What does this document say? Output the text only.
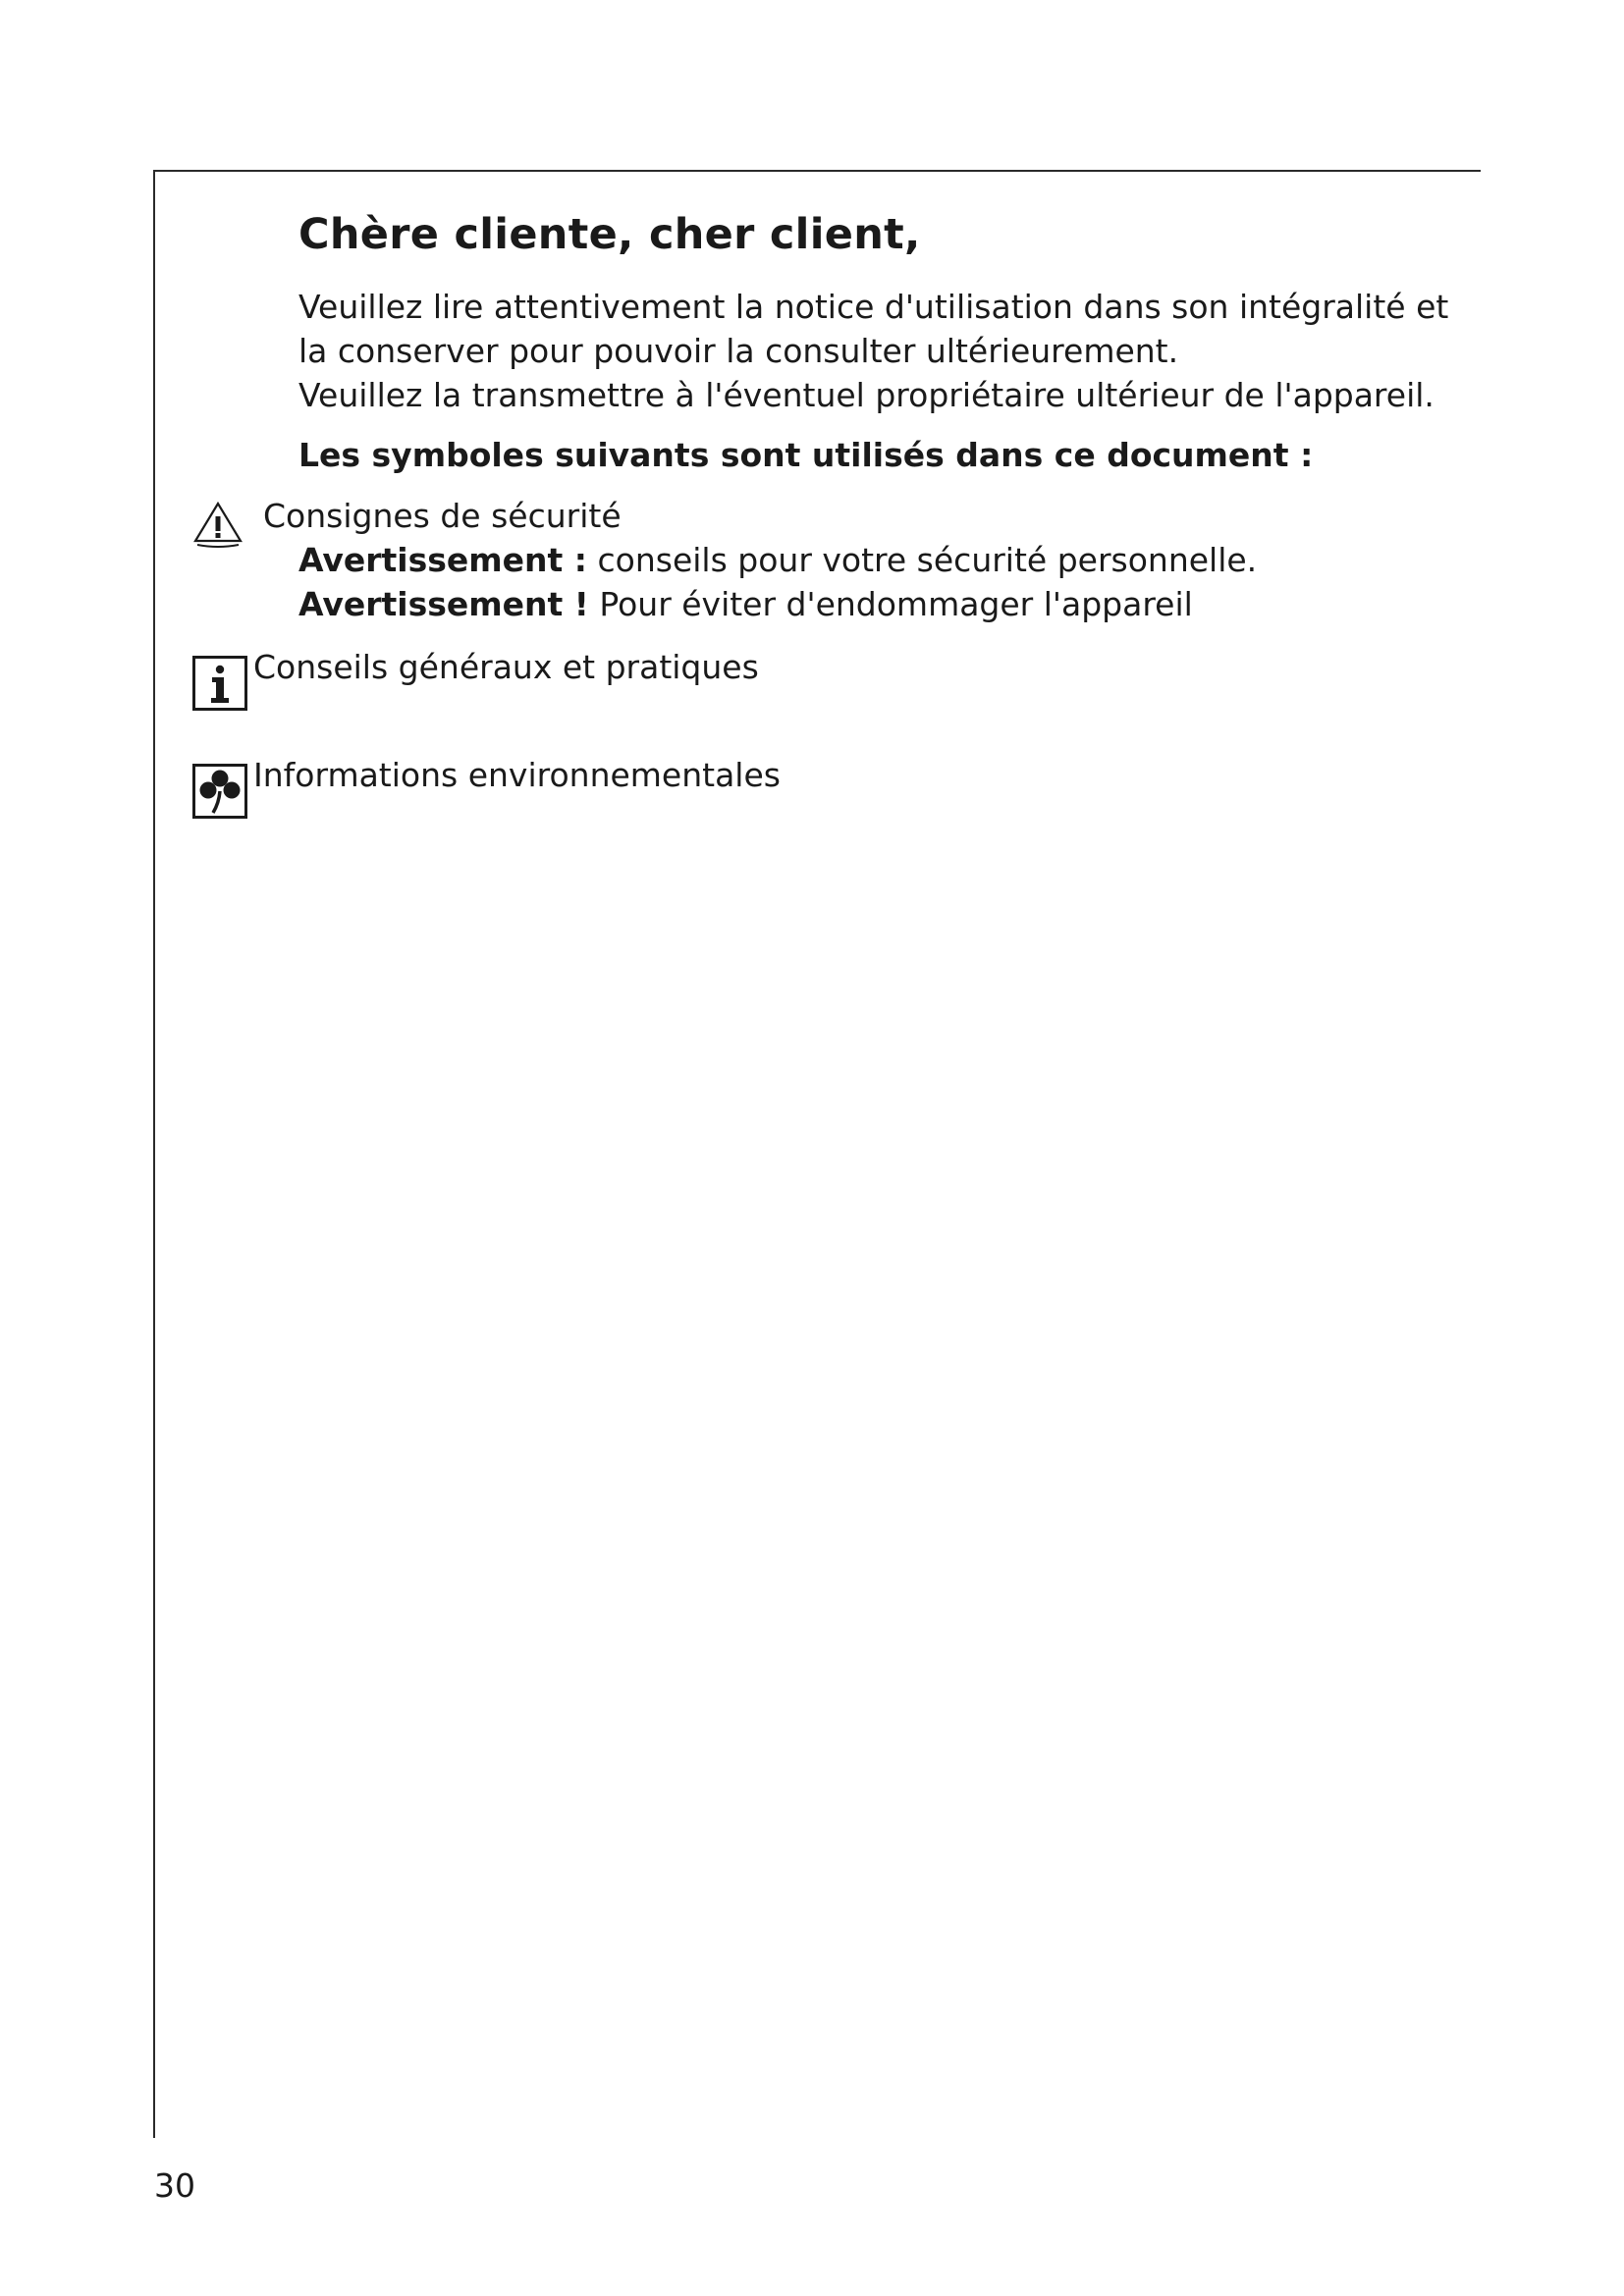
Chère cliente, cher client,
Veuillez lire attentivement la notice d'utilisation dans son intégralité et
la conserver pour pouvoir la consulter ultérieurement.
Veuillez la transmettre à l'éventuel propriétaire ultérieur de l'appareil.
Les symboles suivants sont utilisés dans ce document :
Consignes de sécurité
Avertissement : conseils pour votre sécurité personnelle.
Avertissement ! Pour éviter d'endommager l'appareil
Conseils généraux et pratiques
Informations environnementales
30
